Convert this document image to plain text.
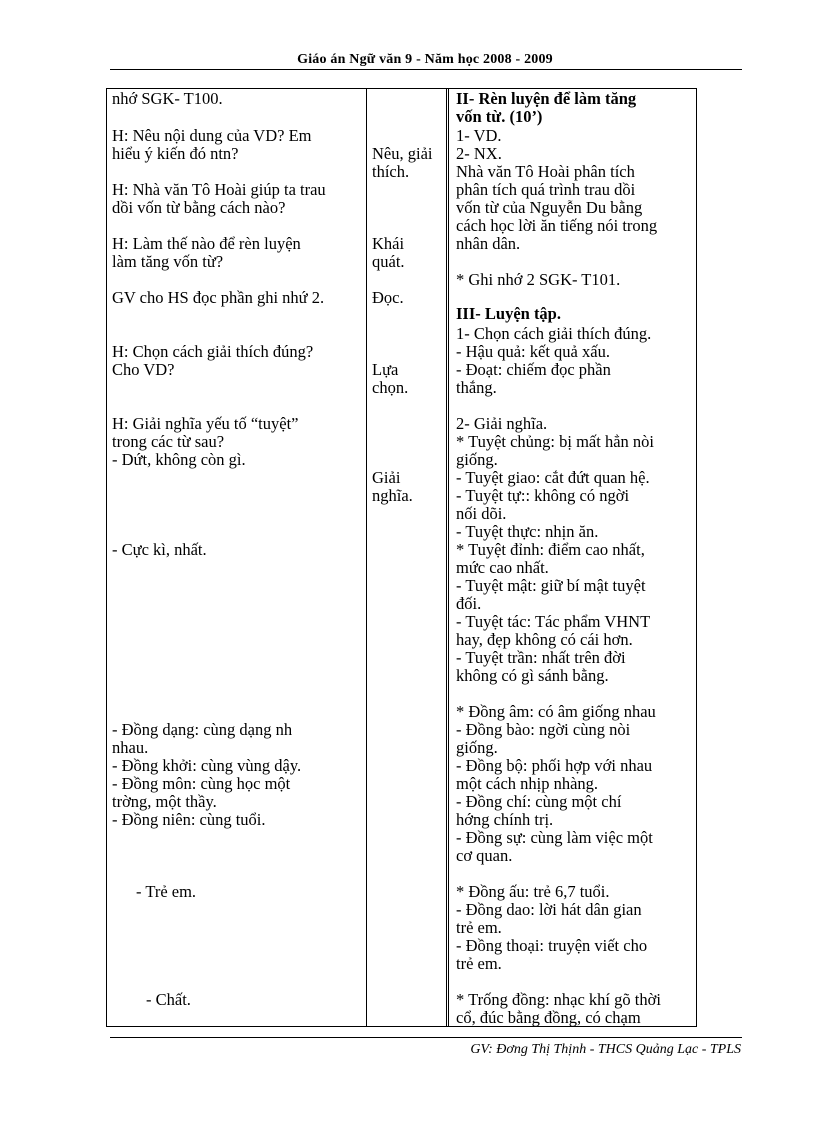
Giáo án Ngữ văn 9 - Năm học 2008 - 2009
nhớ SGK- T100.
H: Nêu nội dung của VD? Em
hiểu ý kiến đó ntn?
H: Nhà văn Tô Hoài giúp ta trau
dồi vốn từ bằng cách nào?
H: Làm thế nào để rèn luyện
làm tăng vốn từ?
GV cho HS đọc phần ghi nhứ 2.
H: Chọn cách giải thích đúng?
Cho VD?
H: Giải nghĩa yếu tố “tuyệt”
trong các từ sau?
- Dứt, không còn gì.
- Cực kì, nhất.
- Đồng dạng: cùng dạng nh
nhau.
- Đồng khởi: cùng vùng dậy.
- Đồng môn: cùng học một
trờng, một thầy.
- Đồng niên: cùng tuổi.
- Trẻ em.
- Chất.
Nêu, giải
thích.
Khái
quát.
Đọc.
Lựa
chọn.
Giải
nghĩa.
II- Rèn luyện để làm tăng
vốn từ. (10’)
1- VD.
2- NX.
Nhà văn Tô Hoài phân tích
phân tích quá trình trau dồi
vốn từ của Nguyễn Du bằng
cách học lời ăn tiếng nói trong
nhân dân.
* Ghi nhớ 2 SGK- T101.
III- Luyện tập.
1- Chọn cách giải thích đúng.
- Hậu quả: kết quả xấu.
- Đoạt: chiếm đọc phần
thắng.
2- Giải nghĩa.
* Tuyệt chủng: bị mất hẳn nòi
giống.
- Tuyệt giao: cắt đứt quan hệ.
- Tuyệt tự:: không có ngời
nối dõi.
- Tuyệt thực: nhịn ăn.
* Tuyệt đỉnh: điểm cao nhất,
mức cao nhất.
- Tuyệt mật: giữ bí mật tuyệt
đối.
- Tuyệt tác: Tác phẩm VHNT
hay, đẹp không có cái hơn.
- Tuyệt trần: nhất trên đời
không có gì sánh bằng.
* Đồng âm: có âm giống nhau
- Đồng bào: ngời cùng nòi
giống.
- Đồng bộ: phối hợp với nhau
một cách nhịp nhàng.
- Đồng chí: cùng một chí
hớng chính trị.
- Đồng sự: cùng làm việc một
cơ quan.
* Đồng ấu: trẻ 6,7 tuổi.
- Đồng dao: lời hát dân gian
trẻ em.
- Đồng thoại: truyện viết cho
trẻ em.
* Trống đồng: nhạc khí gõ thời
cổ, đúc bằng đồng, có chạm
GV: Đơng Thị Thịnh - THCS Quảng Lạc - TPLS
